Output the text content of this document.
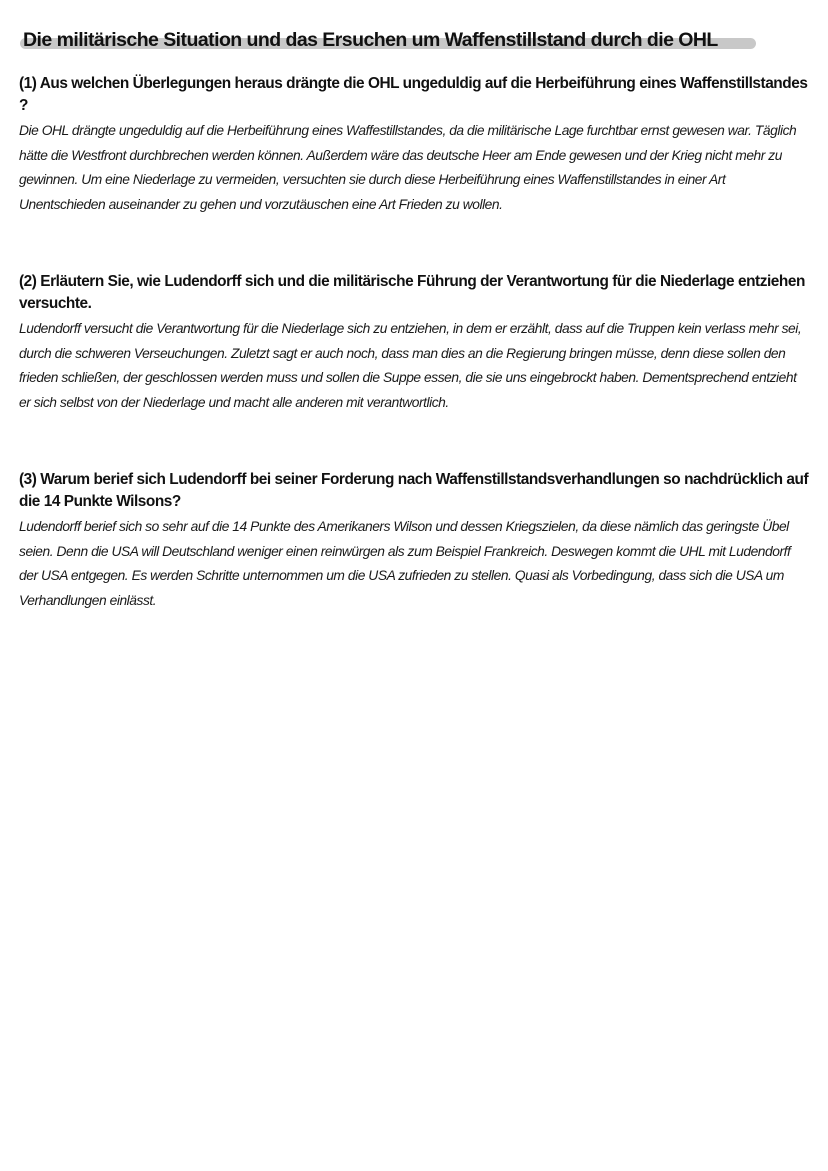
Die militärische Situation und das Ersuchen um Waffenstillstand durch die OHL

(1) Aus welchen Überlegungen heraus drängte die OHL ungeduldig auf die Herbeiführung eines Waffenstillstandes ?

Die OHL drängte ungeduldig auf die Herbeiführung eines Waffestillstandes, da die militärische Lage furchtbar ernst gewesen war. Täglich hätte die Westfront durchbrechen werden können. Außerdem wäre das deutsche Heer am Ende gewesen und der Krieg nicht mehr zu gewinnen. Um eine Niederlage zu vermeiden, versuchten sie durch diese Herbeiführung eines Waffenstillstandes in einer Art Unentschieden auseinander zu gehen und vorzutäuschen eine Art Frieden zu wollen.

(2) Erläutern Sie, wie Ludendorff sich und die militärische Führung der Verantwortung für die Niederlage entziehen versuchte.

Ludendorff versucht die Verantwortung für die Niederlage sich zu entziehen, in dem er erzählt, dass auf die Truppen kein verlass mehr sei, durch die schweren Verseuchungen. Zuletzt sagt er auch noch, dass man dies an die Regierung bringen müsse, denn diese sollen den frieden schließen, der geschlossen werden muss und sollen die Suppe essen, die sie uns eingebrockt haben. Dementsprechend entzieht er sich selbst von der Niederlage und macht alle anderen mit verantwortlich.

(3) Warum berief sich Ludendorff bei seiner Forderung nach Waffenstillstandsverhandlungen so nachdrücklich auf die 14 Punkte Wilsons?

Ludendorff berief sich so sehr auf die 14 Punkte des Amerikaners Wilson und dessen Kriegszielen, da diese nämlich das geringste Übel seien. Denn die USA will Deutschland weniger einen reinwürgen als zum Beispiel Frankreich. Deswegen kommt die UHL mit Ludendorff der USA entgegen. Es werden Schritte unternommen um die USA zufrieden zu stellen. Quasi als Vorbedingung, dass sich die USA um Verhandlungen einlässt.
